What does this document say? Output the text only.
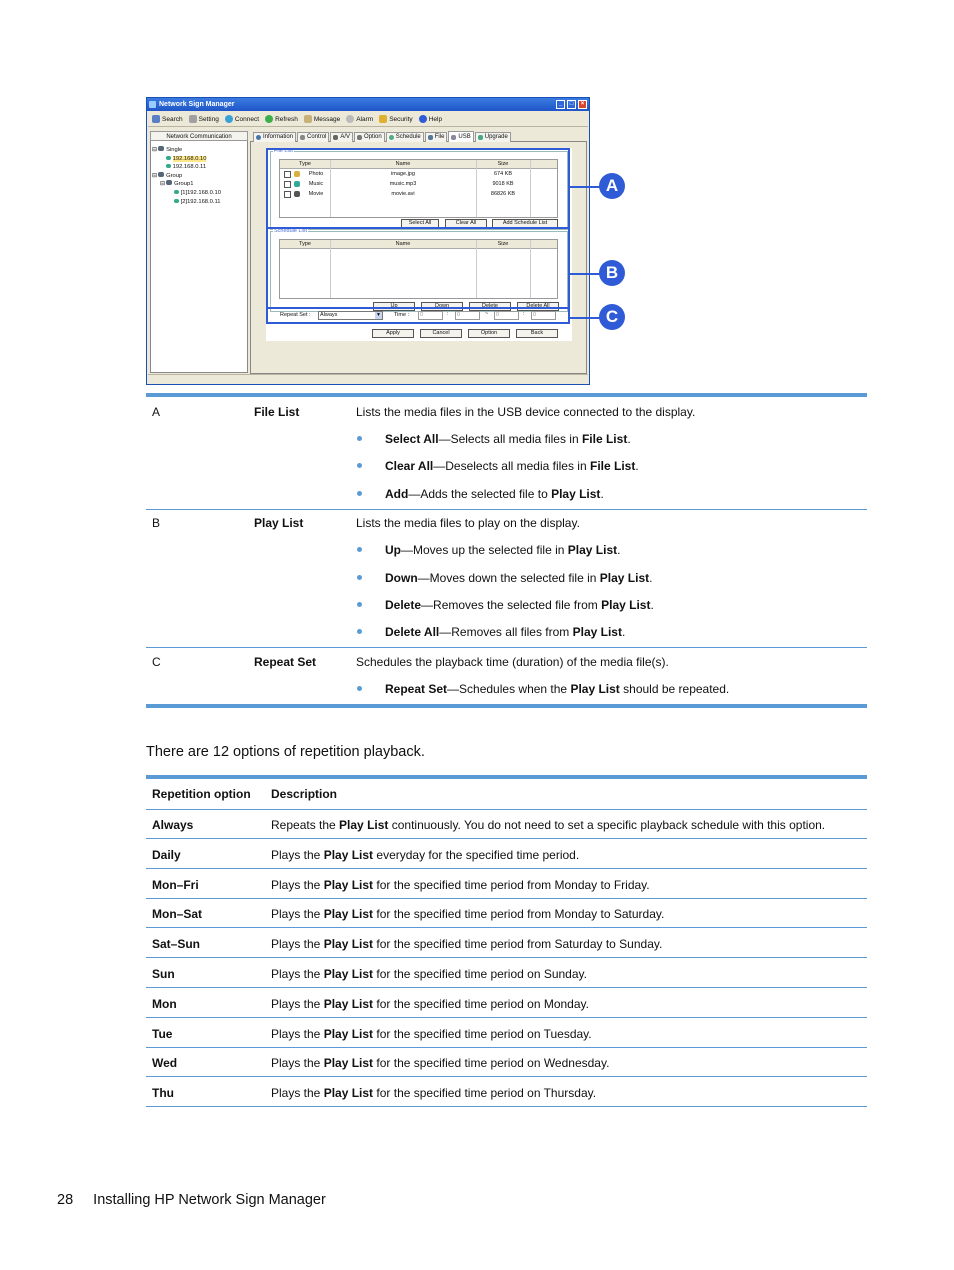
Network Sign Manager	_	□	×
Search Setting Connect Refresh Message Alarm Security Help
Network Communication
⊟  Single
192.168.0.10
192.168.0.11
⊟  Group
⊟  Group1
[1]192.168.0.10
[2]192.168.0.11
Information Control A/V Option Schedule File USB Upgrade
File List
Type	Name	Size
Photo	image.jpg	674 KB
Music	music.mp3	9018 KB
Movie	movie.avi	86826 KB
Select All	Clear All	Add Schedule List
Schedule List
Type	Name	Size
Up	Down	Delete	Delete All
Repeat Set :	Always	▼ Time :	0	:	0	~	0	:	0
Apply	Cancel	Option	Back
A
B
C
A	File List	Lists the media files in the USB device connected to the display.
Select All—Selects all media files in File List.
Clear All—Deselects all media files in File List.
Add—Adds the selected file to Play List.
B	Play List	Lists the media files to play on the display.
Up—Moves up the selected file in Play List.
Down—Moves down the selected file in Play List.
Delete—Removes the selected file from Play List.
Delete All—Removes all files from Play List.
C	Repeat Set	Schedules the playback time (duration) of the media file(s).
Repeat Set—Schedules when the Play List should be repeated.
There are 12 options of repetition playback.
Repetition option Description
Always	Repeats the Play List continuously. You do not need to set a specific playback schedule with this option.
Daily	Plays the Play List everyday for the specified time period.
Mon–Fri	Plays the Play List for the specified time period from Monday to Friday.
Mon–Sat	Plays the Play List for the specified time period from Monday to Saturday.
Sat–Sun	Plays the Play List for the specified time period from Saturday to Sunday.
Sun	Plays the Play List for the specified time period on Sunday.
Mon	Plays the Play List for the specified time period on Monday.
Tue	Plays the Play List for the specified time period on Tuesday.
Wed	Plays the Play List for the specified time period on Wednesday.
Thu	Plays the Play List for the specified time period on Thursday.
28 Installing HP Network Sign Manager
